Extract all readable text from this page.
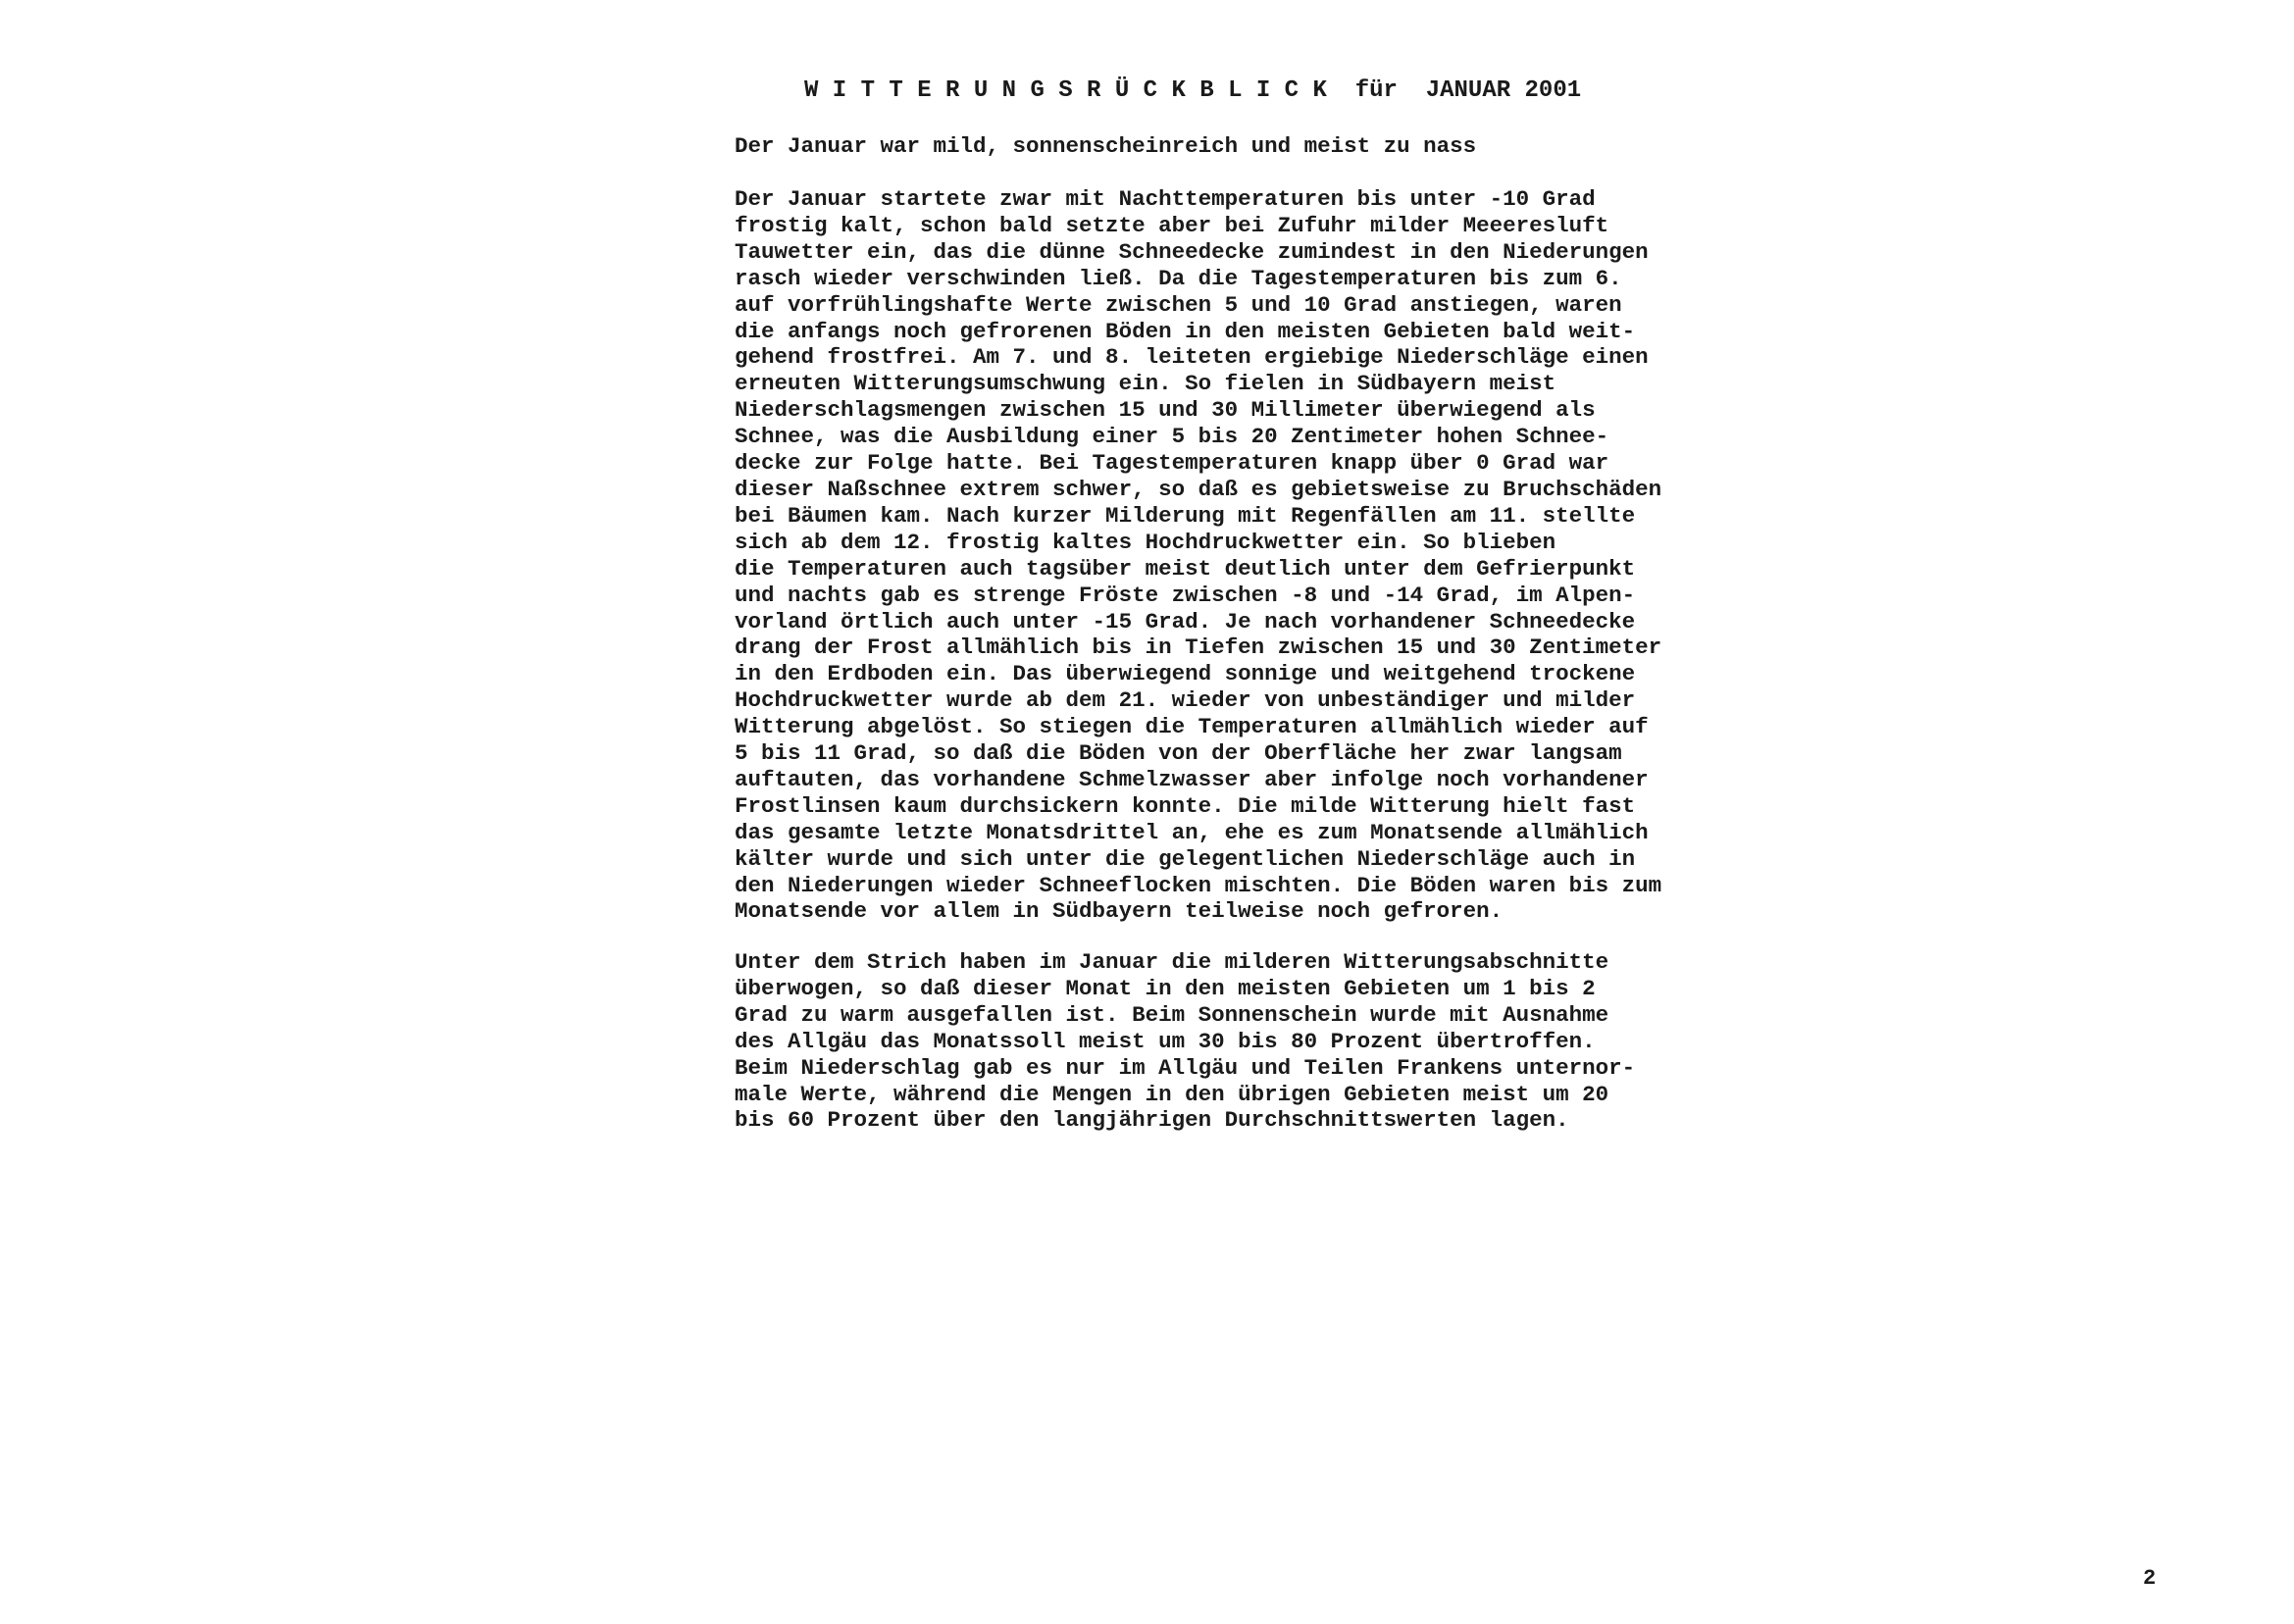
W I T T E R U N G S R Ü C K B L I C K  für  JANUAR 2001
Der Januar war mild, sonnenscheinreich und meist zu nass
Der Januar startete zwar mit Nachttemperaturen bis unter -10 Grad
frostig kalt, schon bald setzte aber bei Zufuhr milder Meeeresluft
Tauwetter ein, das die dünne Schneedecke zumindest in den Niederungen
rasch wieder verschwinden ließ. Da die Tagestemperaturen bis zum 6.
auf vorfrühlingshafte Werte zwischen 5 und 10 Grad anstiegen, waren
die anfangs noch gefrorenen Böden in den meisten Gebieten bald weit-
gehend frostfrei. Am 7. und 8. leiteten ergiebige Niederschläge einen
erneuten Witterungsumschwung ein. So fielen in Südbayern meist
Niederschlagsmengen zwischen 15 und 30 Millimeter überwiegend als
Schnee, was die Ausbildung einer 5 bis 20 Zentimeter hohen Schnee-
decke zur Folge hatte. Bei Tagestemperaturen knapp über 0 Grad war
dieser Naßschnee extrem schwer, so daß es gebietsweise zu Bruchschäden
bei Bäumen kam. Nach kurzer Milderung mit Regenfällen am 11. stellte
sich ab dem 12. frostig kaltes Hochdruckwetter ein. So blieben
die Temperaturen auch tagsüber meist deutlich unter dem Gefrierpunkt
und nachts gab es strenge Fröste zwischen -8 und -14 Grad, im Alpen-
vorland örtlich auch unter -15 Grad. Je nach vorhandener Schneedecke
drang der Frost allmählich bis in Tiefen zwischen 15 und 30 Zentimeter
in den Erdboden ein. Das überwiegend sonnige und weitgehend trockene
Hochdruckwetter wurde ab dem 21. wieder von unbeständiger und milder
Witterung abgelöst. So stiegen die Temperaturen allmählich wieder auf
5 bis 11 Grad, so daß die Böden von der Oberfläche her zwar langsam
auftauten, das vorhandene Schmelzwasser aber infolge noch vorhandener
Frostlinsen kaum durchsickern konnte. Die milde Witterung hielt fast
das gesamte letzte Monatsdrittel an, ehe es zum Monatsende allmählich
kälter wurde und sich unter die gelegentlichen Niederschläge auch in
den Niederungen wieder Schneeflocken mischten. Die Böden waren bis zum
Monatsende vor allem in Südbayern teilweise noch gefroren.
Unter dem Strich haben im Januar die milderen Witterungsabschnitte
überwogen, so daß dieser Monat in den meisten Gebieten um 1 bis 2
Grad zu warm ausgefallen ist. Beim Sonnenschein wurde mit Ausnahme
des Allgäu das Monatssoll meist um 30 bis 80 Prozent übertroffen.
Beim Niederschlag gab es nur im Allgäu und Teilen Frankens unternor-
male Werte, während die Mengen in den übrigen Gebieten meist um 20
bis 60 Prozent über den langjährigen Durchschnittswerten lagen.
2
